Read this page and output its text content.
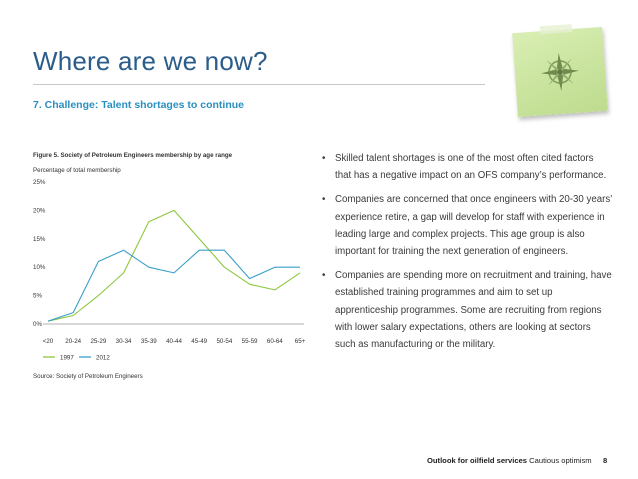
Where are we now?
7. Challenge: Talent shortages to continue
Figure 5. Society of Petroleum Engineers membership by age range
Percentage of total membership
0%
5%
10%
15%
20%
25%
<20 20-24 25-29 30-34 35-39 40-44 45-49 50-54 55-59 60-64 65+
1997	2012
Source: Society of Petroleum Engineers
• Skilled talent shortages is one of the most often cited factors that has a negative impact on an OFS company’s performance.
• Companies are concerned that once engineers with 20-30 years’ experience retire, a gap will develop for staff with experience in leading large and complex projects. This age group is also important for training the next generation of engineers.
• Companies are spending more on recruitment and training, have established training programmes and aim to set up apprenticeship programmes. Some are recruiting from regions with lower salary expectations, others are looking at sectors such as manufacturing or the military.
Outlook for oilfield services Cautious optimism 8
